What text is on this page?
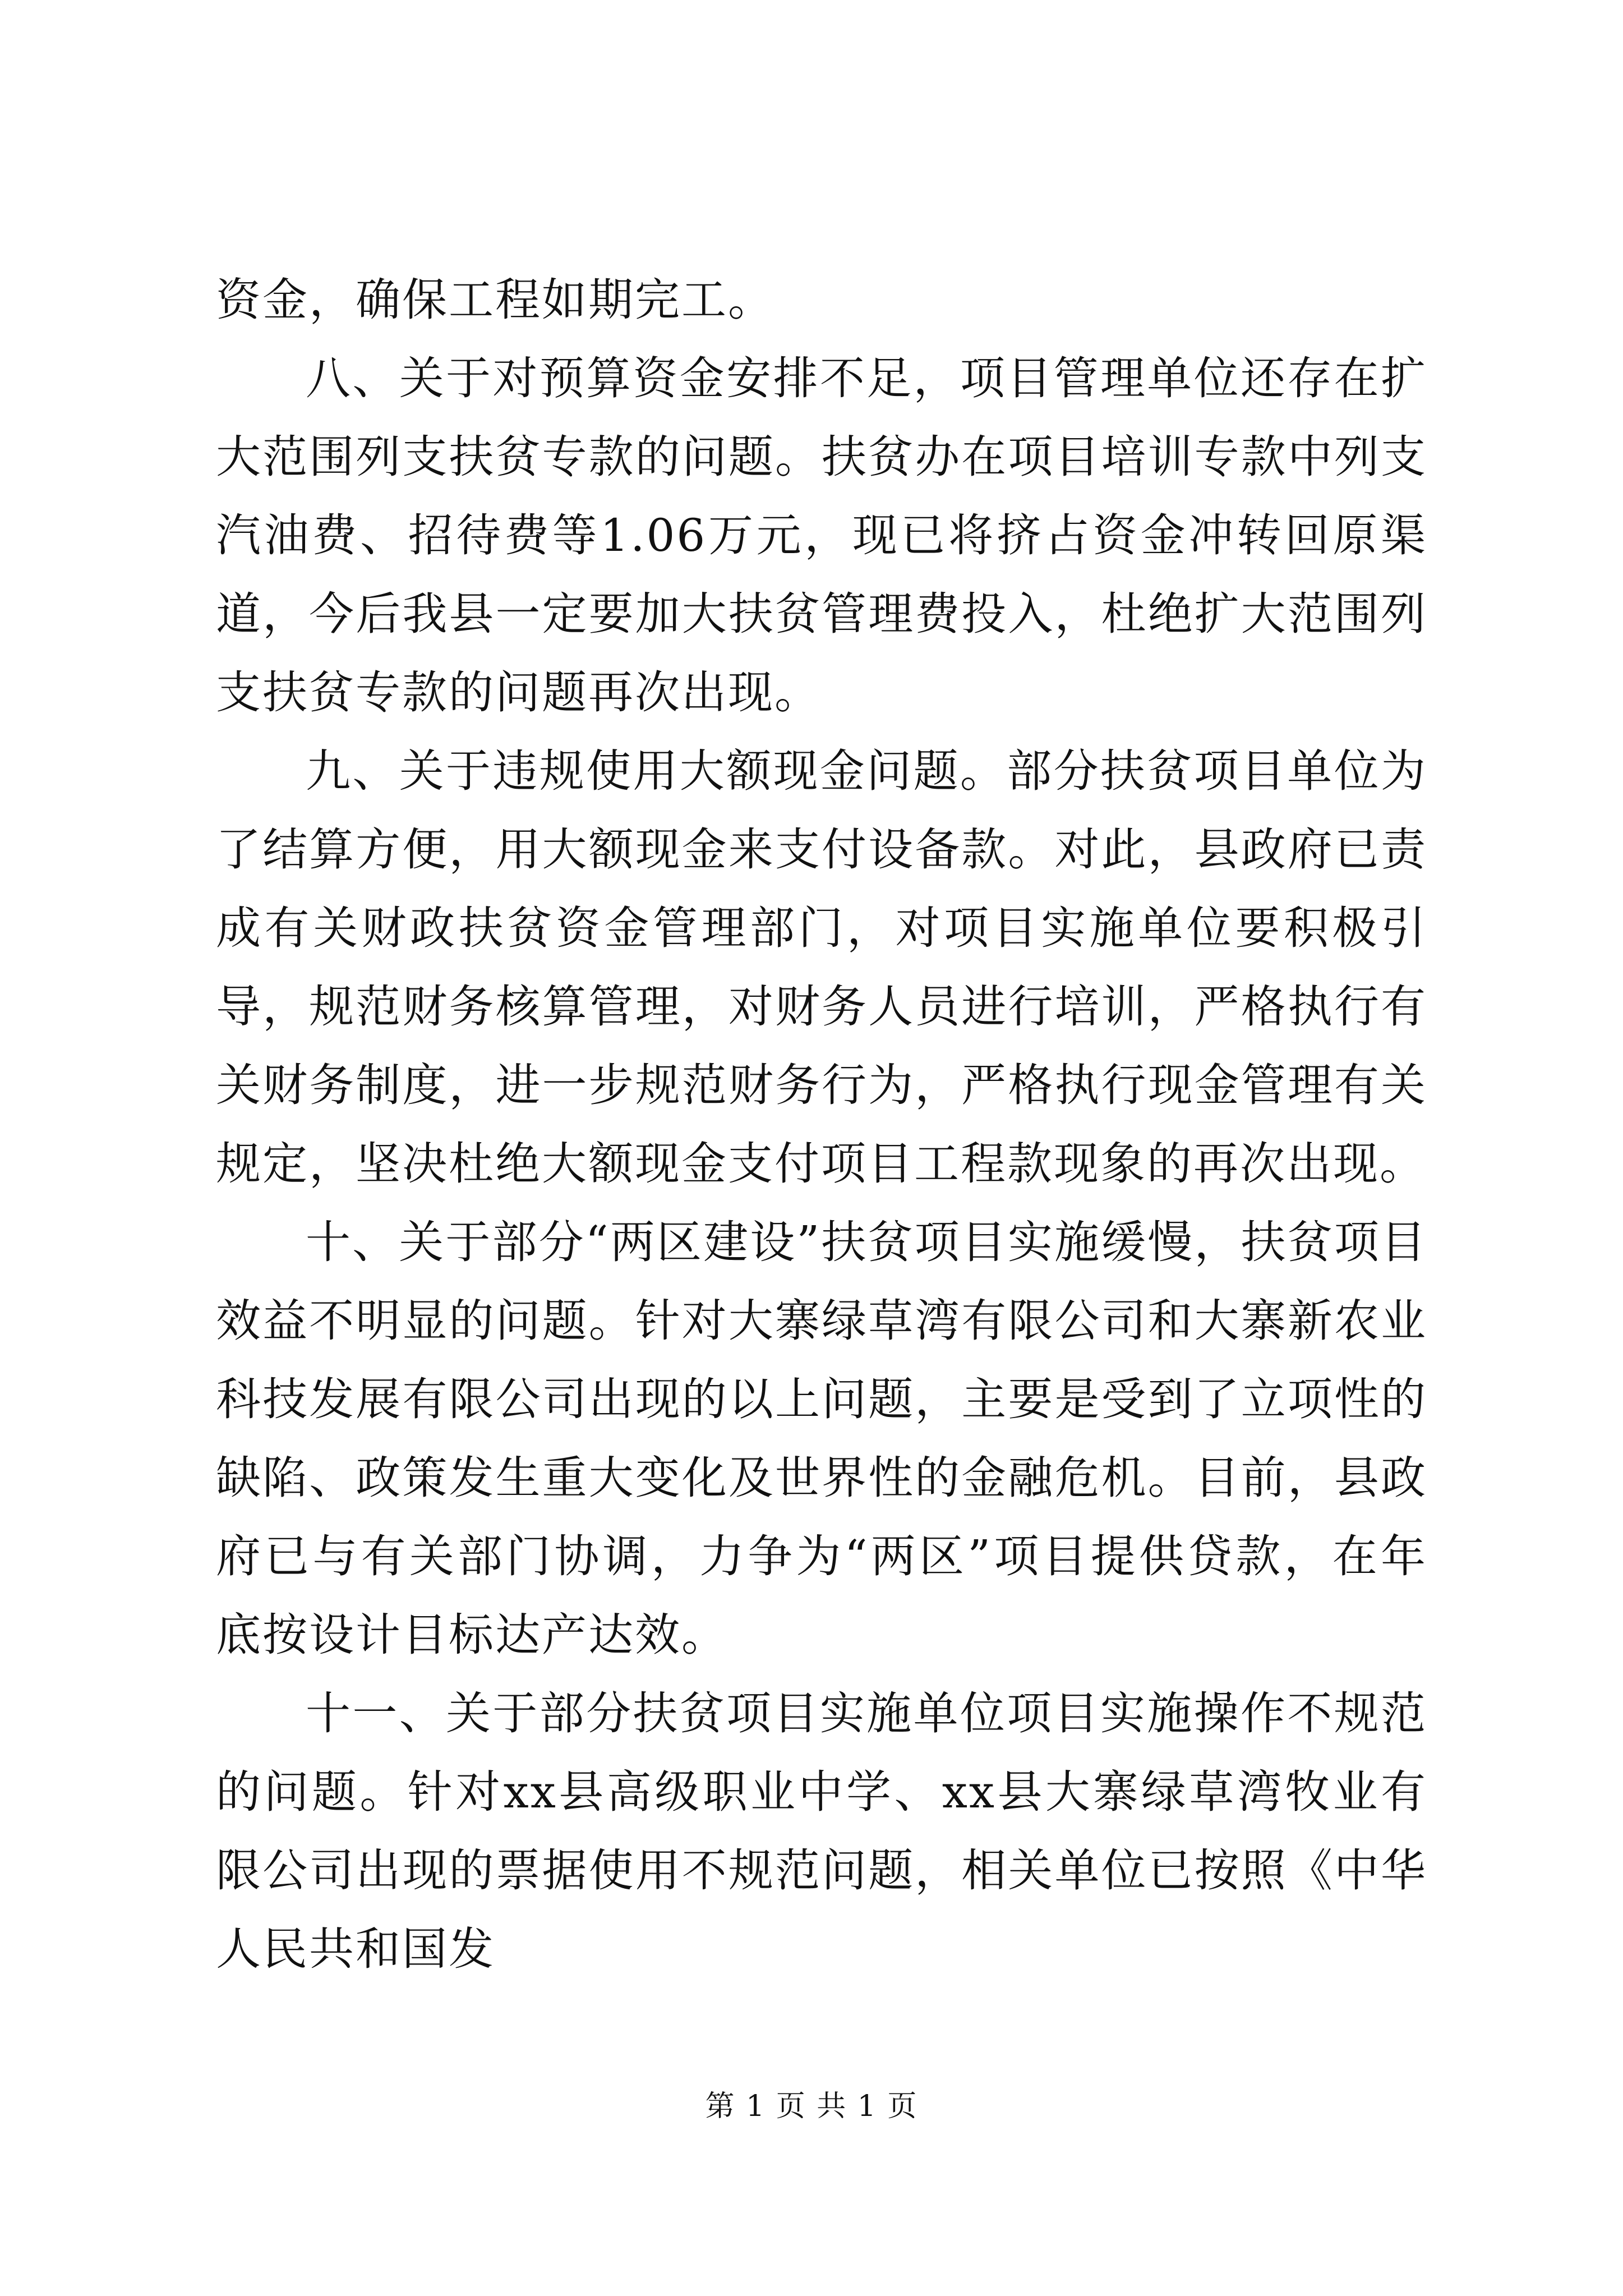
资金，确保工程如期完工。

八、关于对预算资金安排不足，项目管理单位还存在扩大范围列支扶贫专款的问题。扶贫办在项目培训专款中列支汽油费、招待费等1.06万元，现已将挤占资金冲转回原渠道，今后我县一定要加大扶贫管理费投入，杜绝扩大范围列支扶贫专款的问题再次出现。

九、关于违规使用大额现金问题。部分扶贫项目单位为了结算方便，用大额现金来支付设备款。对此，县政府已责成有关财政扶贫资金管理部门，对项目实施单位要积极引导，规范财务核算管理，对财务人员进行培训，严格执行有关财务制度，进一步规范财务行为，严格执行现金管理有关规定，坚决杜绝大额现金支付项目工程款现象的再次出现。

十、关于部分“两区建设”扶贫项目实施缓慢，扶贫项目效益不明显的问题。针对大寨绿草湾有限公司和大寨新农业科技发展有限公司出现的以上问题，主要是受到了立项性的缺陷、政策发生重大变化及世界性的金融危机。目前，县政府已与有关部门协调，力争为“两区”项目提供贷款，在年底按设计目标达产达效。

十一、关于部分扶贫项目实施单位项目实施操作不规范的问题。针对xx县高级职业中学、xx县大寨绿草湾牧业有限公司出现的票据使用不规范问题，相关单位已按照《中华人民共和国发

第 1 页 共 1 页
